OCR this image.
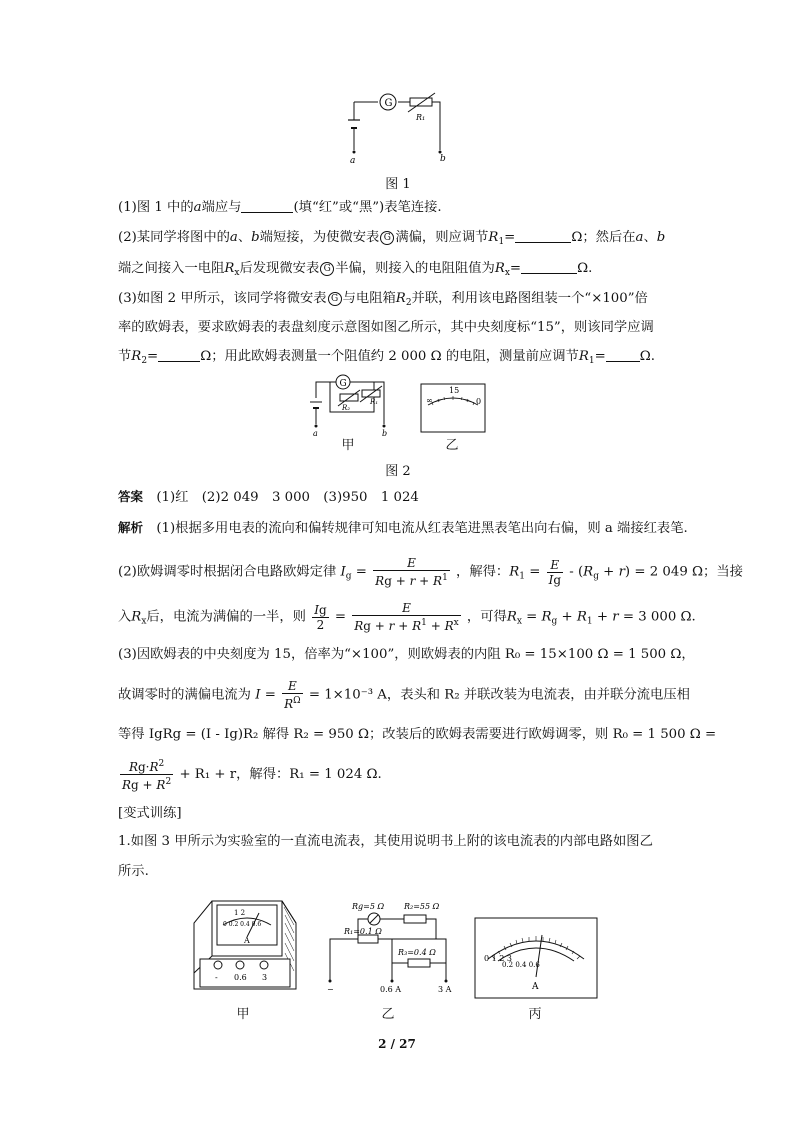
G
R₁
a	b
图 1
(1)图 1 中的a端应与	(填“红”或“黑”)表笔连接.
(2)某同学将图中的a、b端短接，为使微安表 G 满偏，则应调节$R_1=$	Ω；然后在a、b
端之间接入一电阻$R_x$后发现微安表 G 半偏，则接入的电阻阻值为$R_x=$	Ω.
(3)如图 2 甲所示，该同学将微安表 G 与电阻箱$R_2$并联，利用该电路图组装一个“×100”倍
率的欧姆表，要求欧姆表的表盘刻度示意图如图乙所示，其中央刻度标“15”，则该同学应调
节$R_2=$	Ω；用此欧姆表测量一个阻值约 2 000 Ω 的电阻，测量前应调节$R_1=$	Ω.
G
R₂
R₁
a	b
甲
15
∞	0
乙
图 2
答案　 (1)红　(2)2 049　3 000　(3)950　1 024
解析　 (1)根据多用电表的流向和偏转规律可知电流从红表笔进黑表笔出向右偏，则 a 端接红表笔.
(2)欧姆调零时根据闭合电路欧姆定律 $I_g = \frac{E}{Rg + r + R^1}$ ，解得：$R_1 = \frac{E}{Ig} - (R_g + r) = 2$ 049 Ω；当接
入$R_x$后，电流为满偏的一半，则 $\frac{Ig}{2} = \frac{E}{Rg + r + R^1 + R^x}$ ，可得$R_x = R_g + R_1 + r = 3$ 000 Ω.
(3)因欧姆表的中央刻度为 15，倍率为“×100”，则欧姆表的内阻 R₀ = 15×100 Ω = 1 500 Ω，
故调零时的满偏电流为 $I = \frac{E}{R^\Omega} = 1\times 10^{-3}$ A，表头和 R₂ 并联改装为电流表，由并联分流电压相
等得 IgRg = (I - Ig)R₂ 解得 R₂ = 950 Ω；改装后的欧姆表需要进行欧姆调零，则 R₀ = 1 500 Ω =
$\frac{Rg\cdot R^2}{Rg + R^2} + R_1 + r$，解得：R₁ = 1 024 Ω.
[变式训练]
1.如图 3 甲所示为实验室的一直流电流表，其使用说明书上附的该电流表的内部电路如图乙
所示.
1 2
0 0.2 0.4 0.6
A
- 0.6 3
甲
Rg=5 Ω R₂=55 Ω
R₁=0.1 Ω
R₃=0.4 Ω
−	0.6 A	3 A
乙
0 1 2 3
0.2 0.4 0.6
A
丙
2 / 27
